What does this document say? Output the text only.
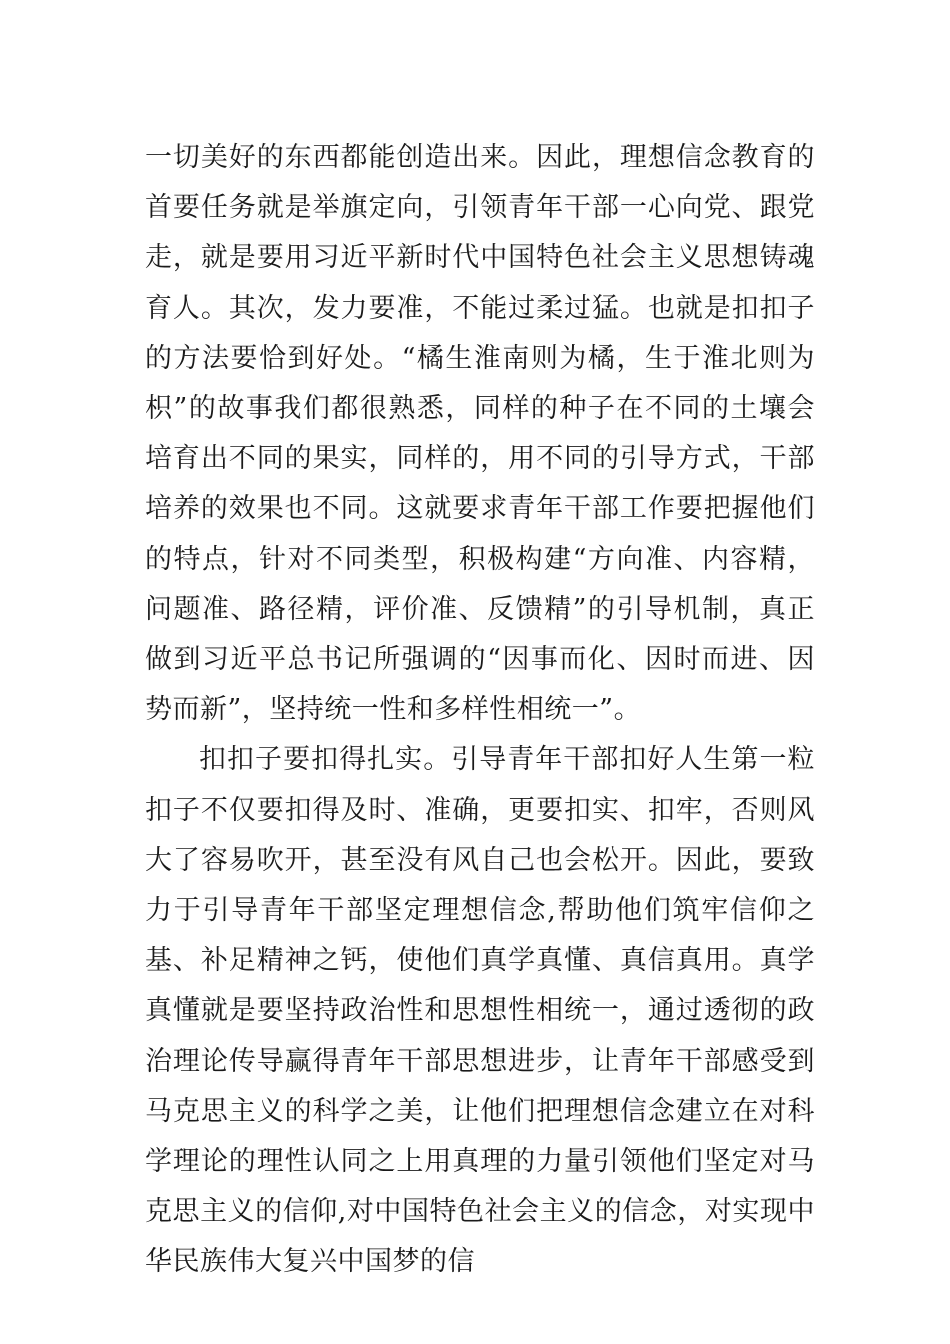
一切美好的东西都能创造出来。因此，理想信念教育的首要任务就是举旗定向，引领青年干部一心向党、跟党走，就是要用习近平新时代中国特色社会主义思想铸魂育人。其次，发力要准，不能过柔过猛。也就是扣扣子的方法要恰到好处。“橘生淮南则为橘，生于淮北则为枳”的故事我们都很熟悉，同样的种子在不同的土壤会培育出不同的果实，同样的，用不同的引导方式，干部培养的效果也不同。这就要求青年干部工作要把握他们的特点，针对不同类型，积极构建“方向准、内容精，问题准、路径精，评价准、反馈精”的引导机制，真正做到习近平总书记所强调的“因事而化、因时而进、因势而新”，坚持统一性和多样性相统一”。

扣扣子要扣得扎实。引导青年干部扣好人生第一粒扣子不仅要扣得及时、准确，更要扣实、扣牢，否则风大了容易吹开，甚至没有风自己也会松开。因此，要致力于引导青年干部坚定理想信念,帮助他们筑牢信仰之基、补足精神之钙，使他们真学真懂、真信真用。真学真懂就是要坚持政治性和思想性相统一，通过透彻的政治理论传导赢得青年干部思想进步，让青年干部感受到马克思主义的科学之美，让他们把理想信念建立在对科学理论的理性认同之上用真理的力量引领他们坚定对马克思主义的信仰,对中国特色社会主义的信念，对实现中华民族伟大复兴中国梦的信
